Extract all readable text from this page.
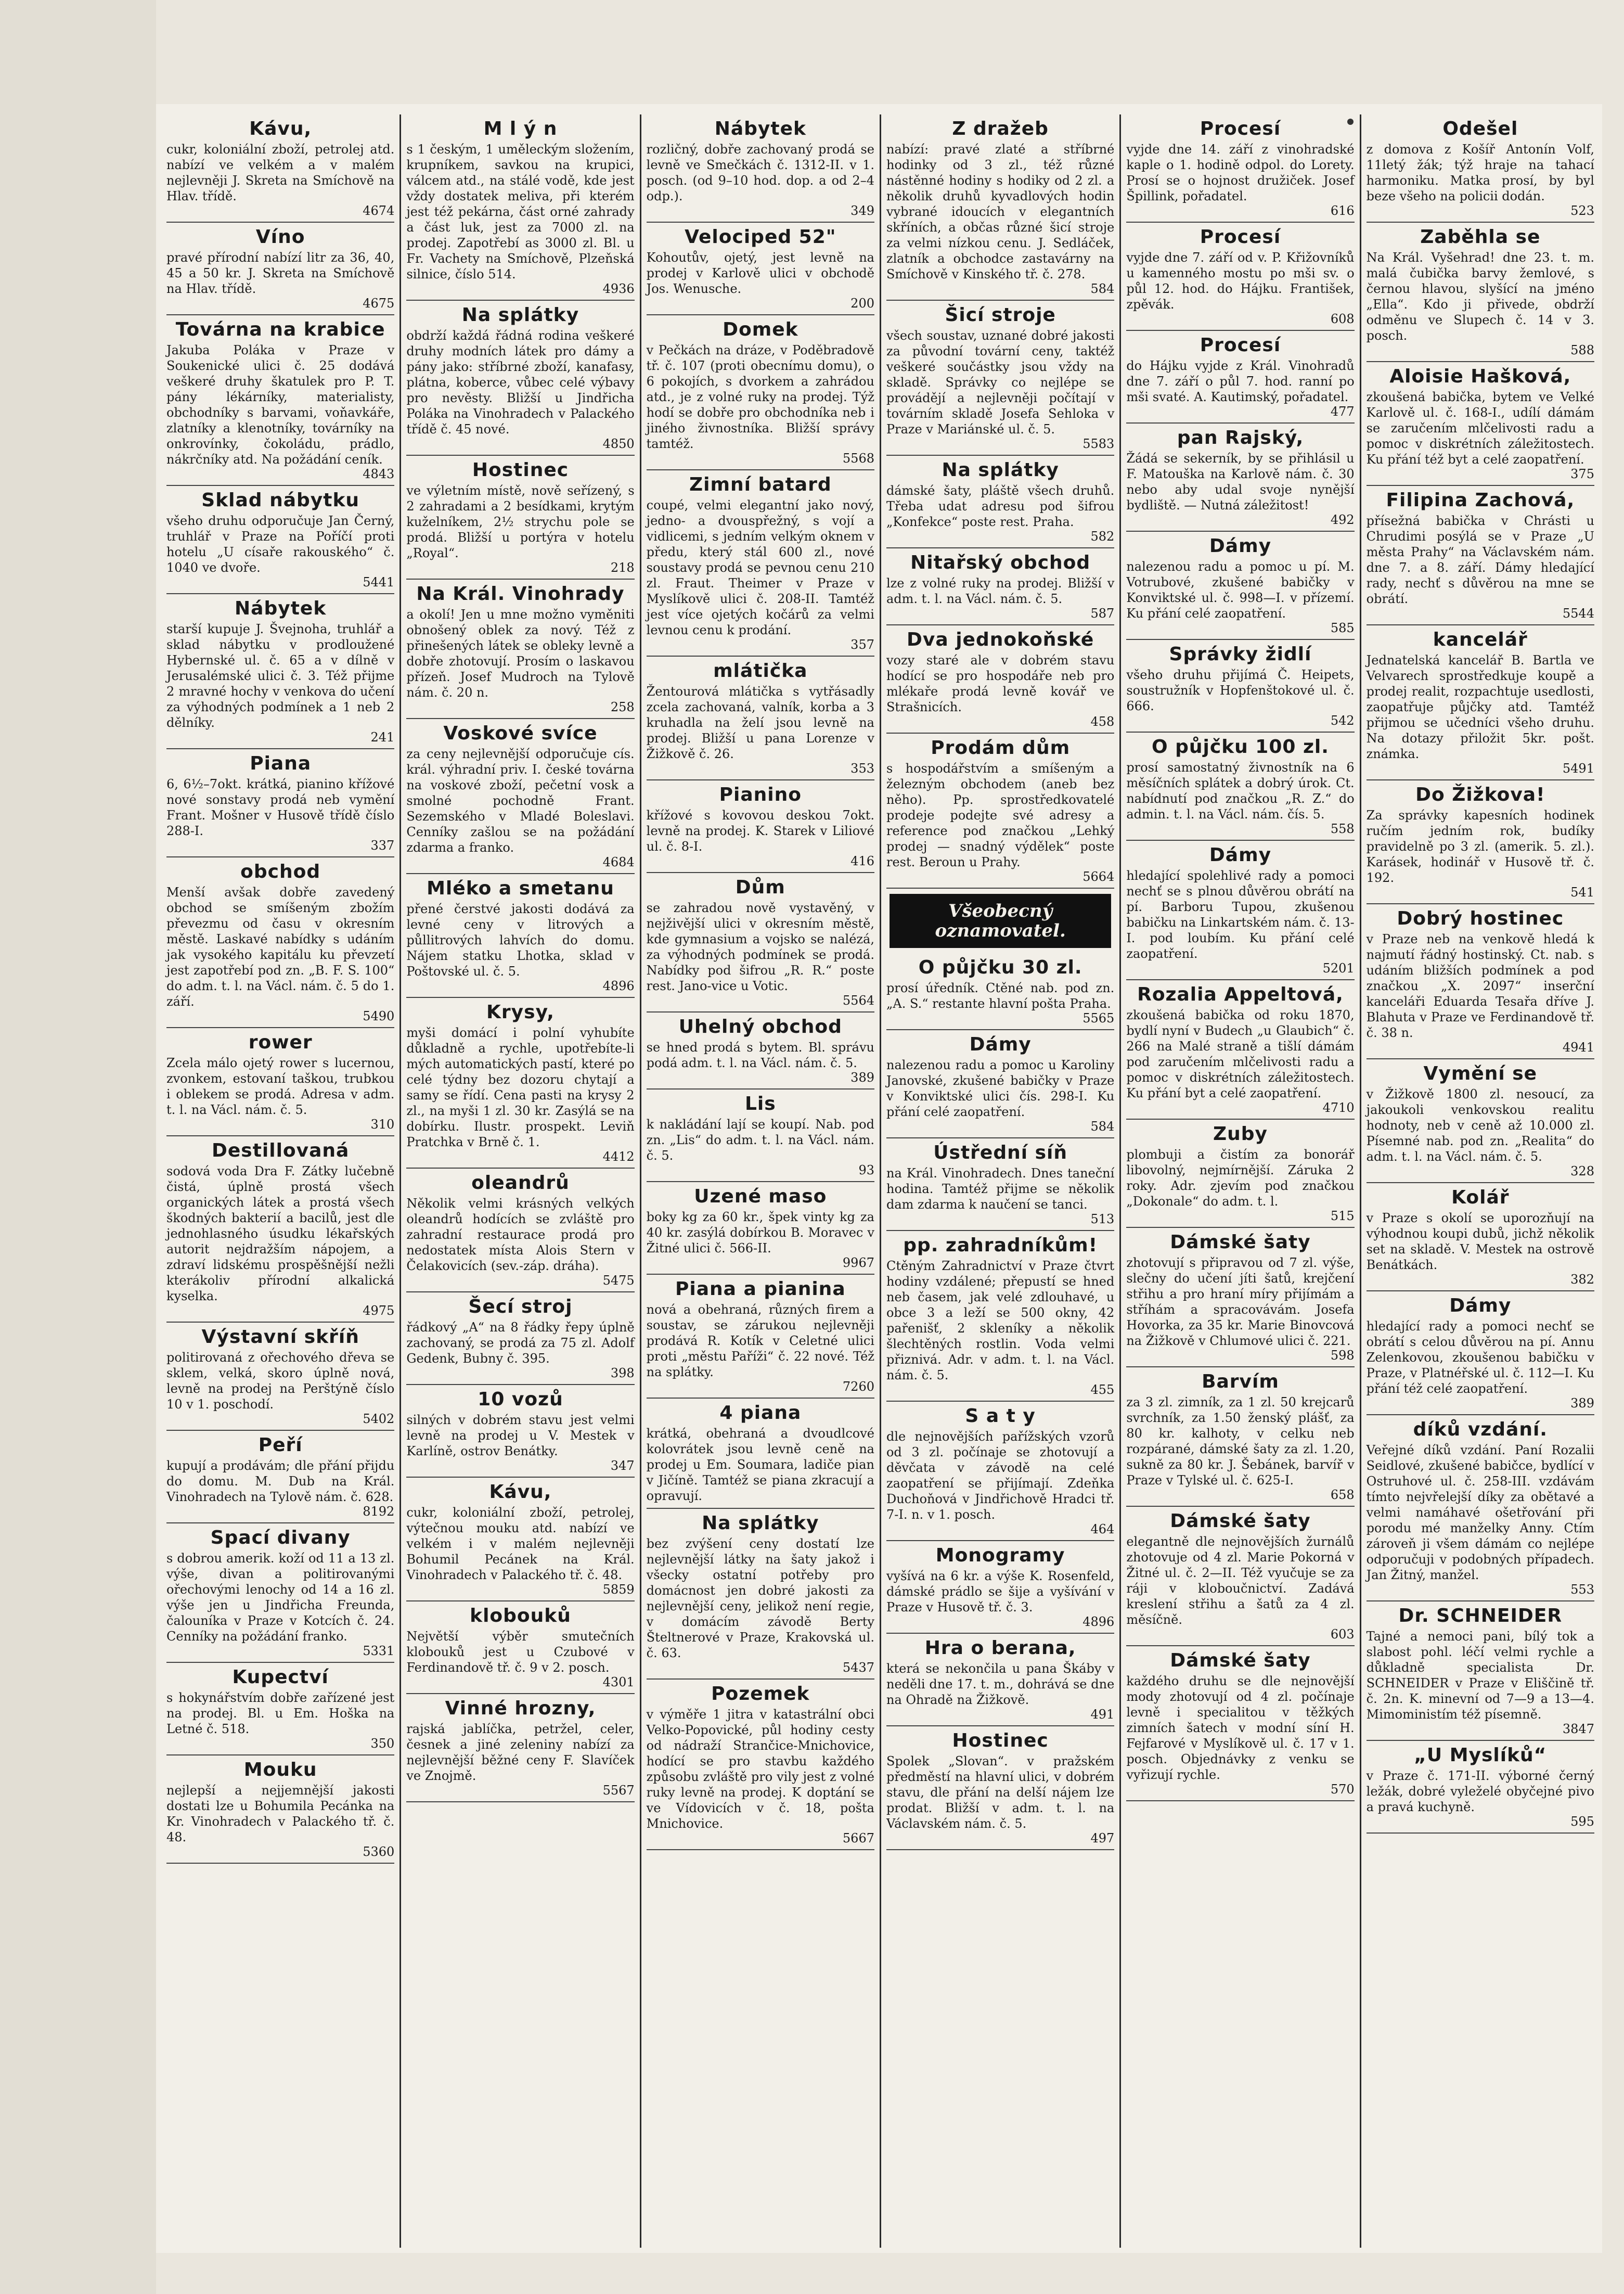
Kávu,

cukr, koloniální zboží, petrolej atd. nabízí ve velkém a v malém nejlevněji J. Skreta na Smíchově na Hlav. třídě.

4674
Víno

pravé přírodní nabízí litr za 36, 40, 45 a 50 kr. J. Skreta na Smíchově na Hlav. třídě.

4675
Továrna na krabice

Jakuba Poláka v Praze v Soukenické ulici č. 25 dodává veškeré druhy škatulek pro P. T. pány lékárníky, materialisty, obchodníky s barvami, voňavkáře, zlatníky a klenotníky, továrníky na onkrovínky, čokoládu, prádlo, nákrčníky atd. Na požádání ceník.

4843
Sklad nábytku

všeho druhu odporučuje Jan Černý, truhlář v Praze na Poříčí proti hotelu „U císaře rakouského“ č. 1040 ve dvoře.

5441
Nábytek

starší kupuje J. Švejnoha, truhlář a sklad nábytku v prodloužené Hybernské ul. č. 65 a v dílně v Jerusalémské ulici č. 3. Též přijme 2 mravné hochy v venkova do učení za výhodných podmínek a 1 neb 2 dělníky.

241
Piana

6, 6½–7okt. krátká, pianino křížové nové sonstavy prodá neb vymění Frant. Mošner v Husově třídě číslo 288-I.

337
obchod

Menší avšak dobře zavedený obchod se smíšeným zbožím převezmu od času v okresním městě. Laskavé nabídky s udáním jak vysokého kapitálu ku převzetí jest zapotřebí pod zn. „B. F. S. 100“ do adm. t. l. na Václ. nám. č. 5 do 1. září.

5490
rower

Zcela málo ojetý rower s lucernou, zvonkem, estovaní taškou, trubkou i oblekem se prodá. Adresa v adm. t. l. na Václ. nám. č. 5.

310
Destillovaná

sodová voda Dra F. Zátky lučebně čistá, úplně prostá všech organických látek a prostá všech škodných bakterií a bacilů, jest dle jednohlasného úsudku lékařských autorit nejdražším nápojem, a zdraví lidskému prospěšnější nežli kterákoliv přírodní alkalická kyselka.

4975
Výstavní skříň

politirovaná z ořechového dřeva se sklem, velká, skoro úplně nová, levně na prodej na Perštýně číslo 10 v 1. poschodí.

5402
Peří

kupují a prodávám; dle přání přijdu do domu. M. Dub na Král. Vinohradech na Tylově nám. č. 628.

8192
Spací divany

s dobrou amerik. koží od 11 a 13 zl. výše, divan a politirovanými ořechovými lenochy od 14 a 16 zl. výše jen u Jindřicha Freunda, čalouníka v Praze v Kotcích č. 24. Cenníky na požádání franko.

5331
Kupectví

s hokynářstvím dobře zařízené jest na prodej. Bl. u Em. Hoška na Letné č. 518.

350
Mouku

nejlepší a nejjemnější jakosti dostati lze u Bohumila Pecánka na Kr. Vinohradech v Palackého tř. č. 48.

5360
M l ý n

s 1 českým, 1 uměleckým složením, krupníkem, savkou na krupici, válcem atd., na stálé vodě, kde jest vždy dostatek meliva, při kterém jest též pekárna, část orné zahrady a část luk, jest za 7000 zl. na prodej. Zapotřebí as 3000 zl. Bl. u Fr. Vachety na Smíchově, Plzeňská silnice, číslo 514.

4936
Na splátky

obdrží každá řádná rodina veškeré druhy modních látek pro dámy a pány jako: stříbrné zboží, kanafasy, plátna, koberce, vůbec celé výbavy pro nevěsty. Bližší u Jindřicha Poláka na Vinohradech v Palackého třídě č. 45 nové.

4850
Hostinec

ve výletním místě, nově seřízený, s 2 zahradami a 2 besídkami, krytým kuželníkem, 2½ strychu pole se prodá. Bližší u portýra v hotelu „Royal“.

218
Na Král. Vinohrady

a okolí! Jen u mne možno vyměniti obnošený oblek za nový. Též z přinešených látek se obleky levně a dobře zhotovují. Prosím o laskavou přízeň. Josef Mudroch na Tylově nám. č. 20 n.

258
Voskové svíce

za ceny nejlevnější odporučuje cís. král. výhradní priv. I. české továrna na voskové zboží, pečetní vosk a smolné pochodně Frant. Sezemského v Mladé Boleslavi. Cenníky zašlou se na požádání zdarma a franko.

4684
Mléko a smetanu

přené čerstvé jakosti dodává za levné ceny v litrových a půllitrových lahvích do domu. Nájem statku Lhotka, sklad v Poštovské ul. č. 5.

4896
Krysy,

myši domácí i polní vyhubíte důkladně a rychle, upotřebíte-li mých automatických pastí, které po celé týdny bez dozoru chytají a samy se řídí. Cena pasti na krysy 2 zl., na myši 1 zl. 30 kr. Zasýlá se na dobírku. Ilustr. prospekt. Leviň Pratchka v Brně č. 1.

4412
oleandrů

Několik velmi krásných velkých oleandrů hodících se zvláště pro zahradní restaurace prodá pro nedostatek místa Alois Stern v Čelakovicích (sev.-záp. dráha).

5475
Šecí stroj

řádkový „A“ na 8 řádky řepy úplně zachovaný, se prodá za 75 zl. Adolf Gedenk, Bubny č. 395.

398
10 vozů

silných v dobrém stavu jest velmi levně na prodej u V. Mestek v Karlíně, ostrov Benátky.

347
Kávu,

cukr, koloniální zboží, petrolej, výtečnou mouku atd. nabízí ve velkém i v malém nejlevněji Bohumil Pecánek na Král. Vinohradech v Palackého tř. č. 48.

5859
klobouků

Největší výběr smutečních klobouků jest u Czubové v Ferdinandově tř. č. 9 v 2. posch.

4301
Vinné hrozny,

rajská jablíčka, petržel, celer, česnek a jiné zeleniny nabízí za nejlevnější běžné ceny F. Slavíček ve Znojmě.

5567
Nábytek

rozličný, dobře zachovaný prodá se levně ve Smečkách č. 1312-II. v 1. posch. (od 9–10 hod. dop. a od 2–4 odp.).

349
Velociped 52"

Kohoutův, ojetý, jest levně na prodej v Karlově ulici v obchodě Jos. Wenusche.

200
Domek

v Pečkách na dráze, v Poděbradově tř. č. 107 (proti obecnímu domu), o 6 pokojích, s dvorkem a zahrádou atd., je z volné ruky na prodej. Týž hodí se dobře pro obchodníka neb i jiného živnostníka. Bližší správy tamtéž.

5568
Zimní batard

coupé, velmi elegantní jako nový, jedno- a dvouspřežný, s vojí a vidlicemi, s jedním velkým oknem v předu, který stál 600 zl., nové soustavy prodá se pevnou cenu 210 zl. Fraut. Theimer v Praze v Myslíkově ulici č. 208-II. Tamtéž jest více ojetých kočárů za velmi levnou cenu k prodání.

357
mlátička

Žentourová mlátička s vytřásadly zcela zachovaná, valník, korba a 3 kruhadla na želí jsou levně na prodej. Bližší u pana Lorenze v Žižkově č. 26.

353
Pianino

křížové s kovovou deskou 7okt. levně na prodej. K. Starek v Liliové ul. č. 8-I.

416
Dům

se zahradou nově vystavěný, v nejživější ulici v okresním městě, kde gymnasium a vojsko se nalézá, za výhodných podmínek se prodá. Nabídky pod šifrou „R. R.“ poste rest. Jano-vice u Votic.

5564
Uhelný obchod

se hned prodá s bytem. Bl. správu podá adm. t. l. na Václ. nám. č. 5.

389
Lis

k nakládání lají se koupí. Nab. pod zn. „Lis“ do adm. t. l. na Václ. nám. č. 5.

93
Uzené maso

boky kg za 60 kr., špek vinty kg za 40 kr. zasýlá dobírkou B. Moravec v Žitné ulici č. 566-II.

9967
Piana a pianina

nová a obehraná, různých firem a soustav, se zárukou nejlevněji prodává R. Kotík v Celetné ulici proti „městu Paříži“ č. 22 nové. Též na splátky.

7260
4 piana

krátká, obehraná a dvoudlcové kolovrátek jsou levně ceně na prodej u Em. Soumara, ladiče pian v Jičíně. Tamtéž se piana zkracují a opravují.

Na splátky

bez zvýšení ceny dostatí lze nejlevnější látky na šaty jakož i všecky ostatní potřeby pro domácnost jen dobré jakosti za nejlevnější ceny, jelikož není regie, v domácím závodě Berty Šteltnerové v Praze, Krakovská ul. č. 63.

5437
Pozemek

v výměře 1 jitra v katastrální obci Velko-Popovické, půl hodiny cesty od nádraží Strančice-Mnichovice, hodící se pro stavbu každého způsobu zvláště pro vily jest z volné ruky levně na prodej. K doptání se ve Vídovicích v č. 18, pošta Mnichovice.

5667
Z dražeb

nabízí: pravé zlaté a stříbrné hodinky od 3 zl., též různé nástěnné hodiny s hodiky od 2 zl. a několik druhů kyvadlových hodin vybrané idoucích v elegantních skříních, a občas různé šicí stroje za velmi nízkou cenu. J. Sedláček, zlatník a obchodce zastavárny na Smíchově v Kinského tř. č. 278.

584
Šicí stroje

všech soustav, uznané dobré jakosti za původní tovární ceny, taktéž veškeré součástky jsou vždy na skladě. Správky co nejlépe se provádějí a nejlevněji počítají v továrním skladě Josefa Sehloka v Praze v Mariánské ul. č. 5.

5583
Na splátky

dámské šaty, pláště všech druhů. Třeba udat adresu pod šifrou „Konfekce“ poste rest. Praha.

582
Nitařský obchod

lze z volné ruky na prodej. Bližší v adm. t. l. na Václ. nám. č. 5.

587
Dva jednokoňské

vozy staré ale v dobrém stavu hodící se pro hospodáře neb pro mlékaře prodá levně kovář ve Strašnicích.

458
Prodám dům

s hospodářstvím a smíšeným a železným obchodem (aneb bez něho). Pp. sprostředkovatelé prodeje podejte své adresy a reference pod značkou „Lehký prodej — snadný výdělek“ poste rest. Beroun u Prahy.

5664
Všeobecný
oznamovatel.
O půjčku 30 zl.

prosí úředník. Ctěné nab. pod zn. „A. S.“ restante hlavní pošta Praha.

5565
Dámy

nalezenou radu a pomoc u Karoliny Janovské, zkušené babičky v Praze v Konviktské ulici čís. 298-I. Ku přání celé zaopatření.

584
Ústřední síň

na Král. Vinohradech. Dnes taneční hodina. Tamtéž přijme se několik dam zdarma k naučení se tanci.

513
pp. zahradníkům!

Ctěným Zahradnictví v Praze čtvrt hodiny vzdálené; přepustí se hned neb časem, jak velé zdlouhavé, u obce 3 a leží se 500 okny, 42 pařenišť, 2 skleníky a několik šlechtěných rostlin. Voda velmi přiznivá. Adr. v adm. t. l. na Václ. nám. č. 5.

455
S a t y

dle nejnovějších pařížských vzorů od 3 zl. počínaje se zhotovují a děvčata v závodě na celé zaopatření se přijímají. Zdeňka Duchoňová v Jindřichově Hradci tř. 7-I. n. v 1. posch.

464
Monogramy

vyšívá na 6 kr. a výše K. Rosenfeld, dámské prádlo se šije a vyšívání v Praze v Husově tř. č. 3.

4896
Hra o berana,

která se nekončila u pana Škáby v neděli dne 17. t. m., dohrává se dne na Ohradě na Žižkově.

491
Hostinec

Spolek „Slovan“. v pražském předměstí na hlavní ulici, v dobrém stavu, dle přání na delší nájem lze prodat. Bližší v adm. t. l. na Václavském nám. č. 5.

497
Procesí

vyjde dne 14. září z vinohradské kaple o 1. hodině odpol. do Lorety. Prosí se o hojnost družiček. Josef Špillink, pořadatel.

616
Procesí

vyjde dne 7. září od v. P. Křižovníků u kamenného mostu po mši sv. o půl 12. hod. do Hájku. František, zpěvák.

608
Procesí

do Hájku vyjde z Král. Vinohradů dne 7. září o půl 7. hod. ranní po mši svaté. A. Kautimský, pořadatel.

477
pan Rajský,

Žádá se sekerník, by se přihlásil u F. Matouška na Karlově nám. č. 30 nebo aby udal svoje nynější bydliště. — Nutná záležitost!

492
Dámy

nalezenou radu a pomoc u pí. M. Votrubové, zkušené babičky v Konviktské ul. č. 998—I. v přízemí. Ku přání celé zaopatření.

585
Správky židlí

všeho druhu přijímá Č. Heipets, soustružník v Hopfenštokové ul. č. 666.

542
O půjčku 100 zl.

prosí samostatný živnostník na 6 měsíčních splátek a dobrý úrok. Ct. nabídnutí pod značkou „R. Z.“ do admin. t. l. na Václ. nám. čís. 5.

558
Dámy

hledající spolehlivé rady a pomoci nechť se s plnou důvěrou obrátí na pí. Barboru Tupou, zkušenou babičku na Linkartském nám. č. 13-I. pod loubím. Ku přání celé zaopatření.

5201
Rozalia Appeltová,

zkoušená babička od roku 1870, bydlí nyní v Budech „u Glaubich“ č. 266 na Malé straně a tišlí dámám pod zaručením mlčelivosti radu a pomoc v diskrétních záležitostech. Ku přání byt a celé zaopatření.

4710
Zuby

plombuji a čistím za bonorář libovolný, nejmírnější. Záruka 2 roky. Adr. zjevím pod značkou „Dokonale“ do adm. t. l.

515
Dámské šaty

zhotovují s připravou od 7 zl. výše, slečny do učení jíti šatů, krejčení střihu a pro hraní míry přijímám a stříhám a spracovávám. Josefa Hovorka, za 35 kr. Marie Binovcová na Žižkově v Chlumové ulici č. 221.

598
Barvím

za 3 zl. zimník, za 1 zl. 50 krejcarů svrchník, za 1.50 ženský plášť, za 80 kr. kalhoty, v celku neb rozpárané, dámské šaty za zl. 1.20, sukně za 80 kr. J. Šebánek, barvíř v Praze v Tylské ul. č. 625-I.

658
Dámské šaty

elegantně dle nejnovějších žurnálů zhotovuje od 4 zl. Marie Pokorná v Žitné ul. č. 2—II. Též vyučuje se za ráji v kloboučnictví. Zadává kreslení střihu a šatů za 4 zl. měsíčně.

603
Dámské šaty

každého druhu se dle nejnovější mody zhotovují od 4 zl. počínaje levně i specialitou v těžkých zimních šatech v modní síní H. Fejfarové v Myslíkově ul. č. 17 v 1. posch. Objednávky z venku se vyřizují rychle.

570
Odešel

z domova z Košíř Antonín Volf, 11letý žák; týž hraje na tahací harmoniku. Matka prosí, by byl beze všeho na policii dodán.

523
Zaběhla se

Na Král. Vyšehrad! dne 23. t. m. malá čubička barvy žemlové, s černou hlavou, slyšící na jméno „Ella“. Kdo ji přivede, obdrží odměnu ve Slupech č. 14 v 3. posch.

588
Aloisie Hašková,

zkoušená babička, bytem ve Velké Karlově ul. č. 168-I., udílí dámám se zaručením mlčelivosti radu a pomoc v diskrétních záležitostech. Ku přání též byt a celé zaopatření.

375
Filipina Zachová,

přísežná babička v Chrásti u Chrudimi posýlá se v Praze „U města Prahy“ na Václavském nám. dne 7. a 8. září. Dámy hledající rady, nechť s důvěrou na mne se obrátí.

5544
kancelář

Jednatelská kancelář B. Bartla ve Velvarech sprostředkuje koupě a prodej realit, rozpachtuje usedlosti, zaopatřuje půjčky atd. Tamtéž přijmou se učedníci všeho druhu. Na dotazy přiložit 5kr. pošt. známka.

5491
Do Žižkova!

Za správky kapesních hodinek ručím jedním rok, budíky pravidelně po 3 zl. (amerik. 5. zl.). Karásek, hodinář v Husově tř. č. 192.

541
Dobrý hostinec

v Praze neb na venkově hledá k najmutí řádný hostinský. Ct. nab. s udáním bližších podmínek a pod značkou „X. 2097“ inserční kanceláři Eduarda Tesařa dříve J. Blahuta v Praze ve Ferdinandově tř. č. 38 n.

4941
Vymění se

v Žižkově 1800 zl. nesoucí, za jakoukoli venkovskou realitu hodnoty, neb v ceně až 10.000 zl. Písemné nab. pod zn. „Realita“ do adm. t. l. na Václ. nám. č. 5.

328
Kolář

v Praze s okolí se uporozňují na výhodnou koupi dubů, jichž několik set na skladě. V. Mestek na ostrově Benátkách.

382
Dámy

hledající rady a pomoci nechť se obrátí s celou důvěrou na pí. Annu Zelenkovou, zkoušenou babičku v Praze, v Platnéřské ul. č. 112—I. Ku přání též celé zaopatření.

389
díků vzdání.

Veřejné díků vzdání. Paní Rozalii Seidlové, zkušené babičce, bydlící v Ostruhové ul. č. 258-III. vzdávám tímto nejvřelejší díky za obětavé a velmi namáhavé ošetřování při porodu mé manželky Anny. Ctím zároveň ji všem dámám co nejlépe odporučuji v podobných případech. Jan Žitný, manžel.

553
Dr. SCHNEIDER

Tajné a nemoci pani, bílý tok a slabost pohl. léčí velmi rychle a důkladně specialista Dr. SCHNEIDER v Praze v Eliščině tř. č. 2n. K. minevní od 7—9 a 13—4. Mimoministím též písemně.

3847
„U Myslíků“

v Praze č. 171-II. výborné černý ležák, dobré vyleželé obyčejné pivo a pravá kuchyně.

595
